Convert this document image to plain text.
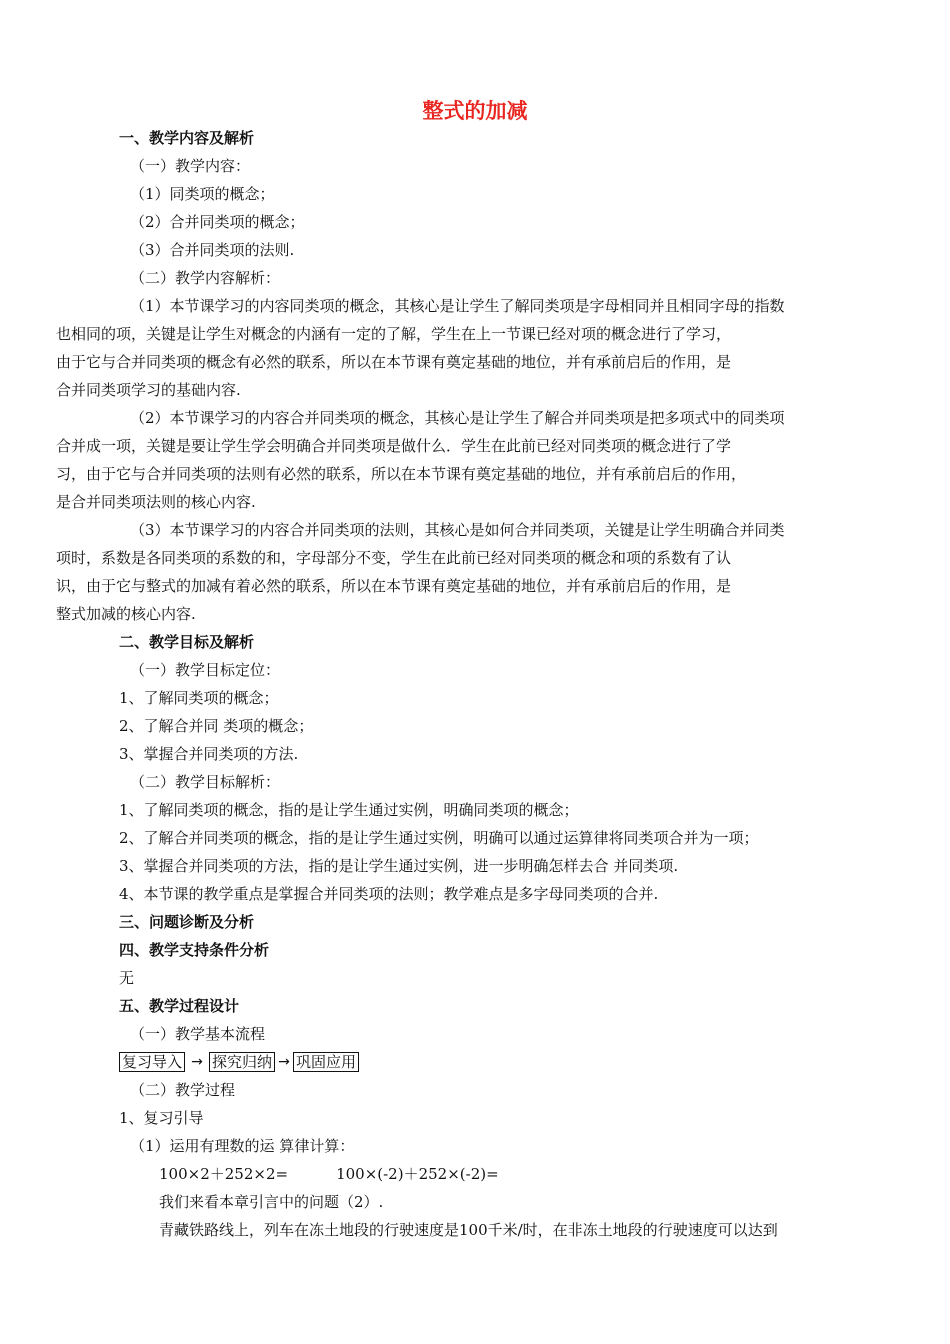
整式的加减
一、教学内容及解析
（一）教学内容：
（1）同类项的概念；
（2）合并同类项的概念；
（3）合并同类项的法则.
（二）教学内容解析：

（1）本节课学习的内容同类项的概念，其核心是让学生了解同类项是字母相同并且相同字母的指数
也相同的项，关键是让学生对概念的内涵有一定的了解，学生在上一节课已经对项的概念进行了学习，
由于它与合并同类项的概念有必然的联系，所以在本节课有奠定基础的地位，并有承前启后的作用，是
合并同类项学习的基础内容.

（2）本节课学习的内容合并同类项的概念，其核心是让学生了解合并同类项是把多项式中的同类项
合并成一项，关键是要让学生学会明确合并同类项是做什么．学生在此前已经对同类项的概念进行了学
习，由于它与合并同类项的法则有必然的联系，所以在本节课有奠定基础的地位，并有承前启后的作用，
是合并同类项法则的核心内容.

（3）本节课学习的内容合并同类项的法则，其核心是如何合并同类项，关键是让学生明确合并同类
项时，系数是各同类项的系数的和，字母部分不变，学生在此前已经对同类项的概念和项的系数有了认
识，由于它与整式的加减有着必然的联系，所以在本节课有奠定基础的地位，并有承前启后的作用，是
整式加减的核心内容.

二、教学目标及解析
（一）教学目标定位：
1、了解同类项的概念；
2、了解合并同 类项的概念；
3、掌握合并同类项的方法.
（二）教学目标解析：
1、了解同类项的概念，指的是让学生通过实例，明确同类项的概念；
2、了解合并同类项的概念，指的是让学生通过实例，明确可以通过运算律将同类项合并为一项；
3、掌握合并同类项的方法，指的是让学生通过实例，进一步明确怎样去合 并同类项.
4、本节课的教学重点是掌握合并同类项的法则；教学难点是多字母同类项的合并.
三、问题诊断及分析
四、教学支持条件分析
无
五、教学过程设计
（一）教学基本流程
复习导入 → 探究归纳 → 巩固应用
（二）教学过程
1、复习引导
（1）运用有理数的运 算律计算：
100×2＋252×2=	100×(-2)＋252×(-2)=
我们来看本章引言中的问题（2）.
青藏铁路线上，列车在冻土地段的行驶速度是100千米/时，在非冻土地段的行驶速度可以达到
